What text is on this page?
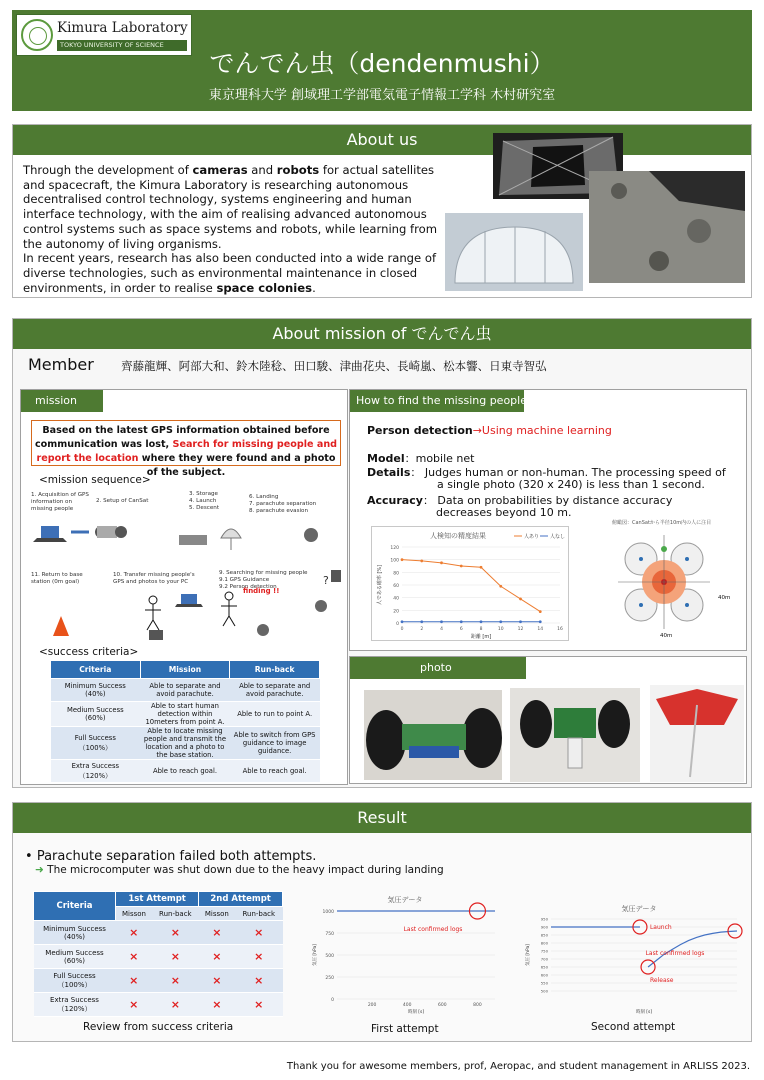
Kimura Laboratory
TOKYO UNIVERSITY OF SCIENCE
でんでん虫（dendenmushi）
東京理科大学 創域理工学部電気電子情報工学科 木村研究室
About us
Through the development of cameras and robots for actual satellites and spacecraft, the Kimura Laboratory is researching autonomous decentralised control technology, systems engineering and human interface technology, with the aim of realising advanced autonomous control systems such as space systems and robots, while learning from the autonomy of living organisms.
In recent years, research has also been conducted into a wide range of diverse technologies, such as environmental maintenance in closed environments, in order to realise space colonies.
About mission of でんでん虫
Member 齊藤龍輝、阿部大和、鈴木陸稔、田口駿、津曲花央、長崎嵐、松本響、日東寺智弘
mission
Based on the latest GPS information obtained before communication was lost, Search for missing people and report the location where they were found and a photo of the subject.
<mission sequence>
1. Acquisition of GPS information on missing people
2. Setup of CanSat
3. Storage
4. Launch
5. Descent
6. Landing
7. parachute separation
8. parachute evasion
11. Return to base station (0m goal)
10. Transfer missing people's GPS and photos to your PC
9. Searching for missing people
9.1 GPS Guidance
9.2 Person detection
finding !!
?
<success criteria>
Criteria	Mission	Run-back
Minimum Success
(40%)	Able to separate and avoid parachute.	Able to separate and avoid parachute.
Medium Success
(60%)	Able to start human detection within 10meters from point A.	Able to run to point A.
Full Success
（100%）	Able to locate missing people and transmit the location and a photo to the base station.	Able to switch from GPS guidance to image guidance.
Extra Success
（120%）	Able to reach goal.	Able to reach goal.
How to find the missing people
Person detection→Using machine learning
Model：mobile net
Details： Judges human or non-human. The processing speed of
a single photo (320 x 240) is less than 1 second.
Accuracy： Data on probabilities by distance accuracy
decreases beyond 10 m.
人検知の精度結果
0
20
40
60
80
100
120
0	2	4	6	8	10	12	14	16
距離 [m]
人である確率 [%]
人あり 人なし
俯瞰図：CanSatから半径10m内の人に注目
40m
40m
photo
Result
• Parachute separation failed both attempts.
➜ The microcomputer was shut down due to the heavy impact during landing
Criteria	1st Attempt		2nd Attempt	
	Misson	Run-back	Misson	Run-back
Minimum Success
(40%)	×	×	×	×
Medium Success
(60%)	×	×	×	×
Full Success
（100%）	×	×	×	×
Extra Success
（120%）	×	×	×	×
気圧データ
0
250
500
750
1000
200	400	600	800
時刻 [s]
気圧 [hPa]
Last confirmed logs
気圧データ
500
550
600
650
700
750
800
850
900
950
時刻 [s]
気圧 [hPa]
Launch
Release
Last confirmed logs
Review from success criteria	First attempt	Second attempt
Thank you for awesome members, prof, Aeropac, and student management in ARLISS 2023.
